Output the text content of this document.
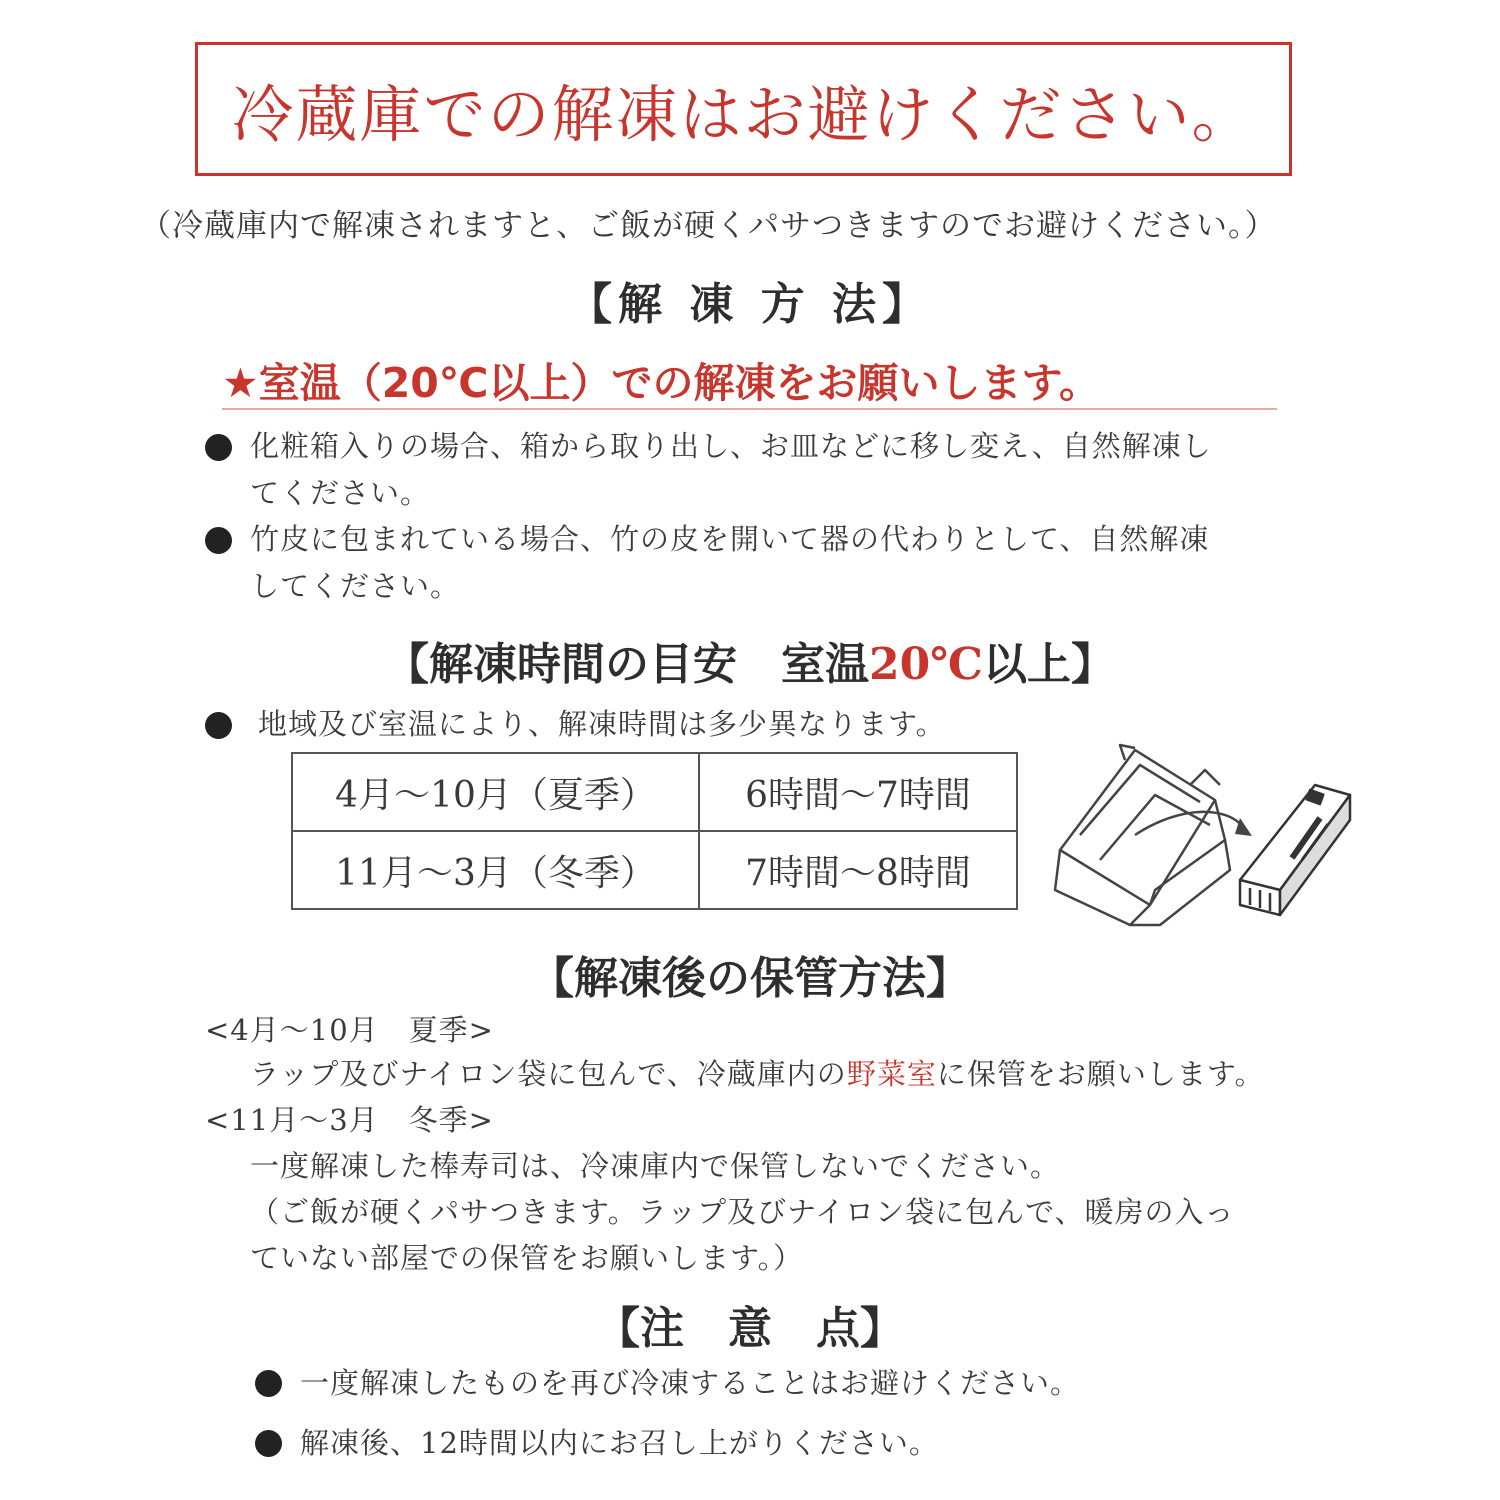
冷蔵庫での解凍はお避けください。
（冷蔵庫内で解凍されますと、ご飯が硬くパサつきますのでお避けください。）
【解 凍 方 法】
★室温（20℃以上）での解凍をお願いします。
化粧箱入りの場合、箱から取り出し、お皿などに移し変え、自然解凍し
てください。
竹皮に包まれている場合、竹の皮を開いて器の代わりとして、自然解凍
してください。
【解凍時間の目安　室温20℃以上】
地域及び室温により、解凍時間は多少異なります。
4月～10月（夏季）	6時間～7時間
11月～3月（冬季）	7時間～8時間
【解凍後の保管方法】
<4月～10月　夏季>
ラップ及びナイロン袋に包んで、冷蔵庫内の野菜室に保管をお願いします。
<11月～3月　冬季>
一度解凍した棒寿司は、冷凍庫内で保管しないでください。
（ご飯が硬くパサつきます。ラップ及びナイロン袋に包んで、暖房の入っ
ていない部屋での保管をお願いします。）
【注　意　点】
一度解凍したものを再び冷凍することはお避けください。
解凍後、12時間以内にお召し上がりください。
